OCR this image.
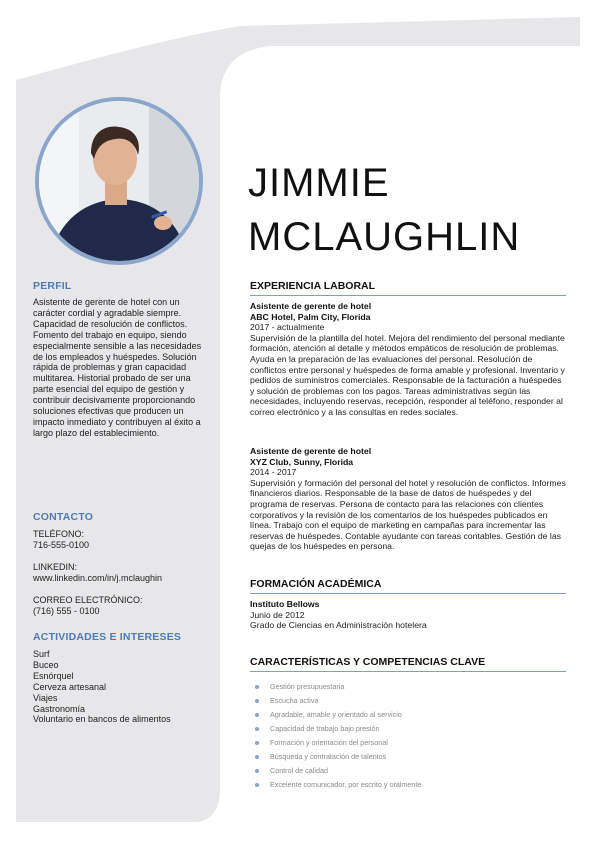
PERFIL

Asistente de gerente de hotel con un carácter cordial y agradable siempre. Capacidad de resolución de conflictos. Fomento del trabajo en equipo, siendo especialmente sensible a las necesidades de los empleados y huéspedes. Solución rápida de problemas y gran capacidad multitarea. Historial probado de ser una parte esencial del equipo de gestión y contribuir decisivamente proporcionando soluciones efectivas que producen un impacto inmediato y contribuyen al éxito a largo plazo del establecimiento.

CONTACTO

TELÉFONO:

716-555-0100

LINKEDIN:

www.linkedin.com/in/j.mclaughin

CORREO ELECTRÓNICO:

(716) 555 - 0100

ACTIVIDADES E INTERESES

Surf

Buceo

Esnórquel

Cerveza artesanal

Viajes

Gastronomía

Voluntario en bancos de alimentos

JIMMIE
MCLAUGHLIN
EXPERIENCIA LABORAL

Asistente de gerente de hotel

ABC Hotel, Palm City, Florida

2017 - actualmente

Supervisión de la plantilla del hotel. Mejora del rendimiento del personal mediante formación, atención al detalle y métodos empáticos de resolución de problemas. Ayuda en la preparación de las evaluaciones del personal. Resolución de conflictos entre personal y huéspedes de forma amable y profesional. Inventario y pedidos de suministros comerciales. Responsable de la facturación a huéspedes y solución de problemas con los pagos. Tareas administrativas según las necesidades, incluyendo reservas, recepción, responder al teléfono, responder al correo electrónico y a las consultas en redes sociales.

Asistente de gerente de hotel

XYZ Club, Sunny, Florida

2014 - 2017

Supervisión y formación del personal del hotel y resolución de conflictos. Informes financieros diarios. Responsable de la base de datos de huéspedes y del programa de reservas. Persona de contacto para las relaciones con clientes corporativos y la revisión de los comentarios de los huéspedes publicados en línea. Trabajo con el equipo de marketing en campañas para incrementar las reservas de huéspedes. Contable ayudante con tareas contables. Gestión de las quejas de los huéspedes en persona.

FORMACIÓN ACADÉMICA

Instituto Bellows

Junio de 2012

Grado de Ciencias en Administración hotelera

CARACTERÍSTICAS Y COMPETENCIAS CLAVE
Gestión presupuestaria
Escucha activa
Agradable, amable y orientado al servicio
Capacidad de trabajo bajo presión
Formación y orientación del personal
Búsqueda y contratación de talentos
Control de calidad
Excelente comunicador, por escrito y oralmente
